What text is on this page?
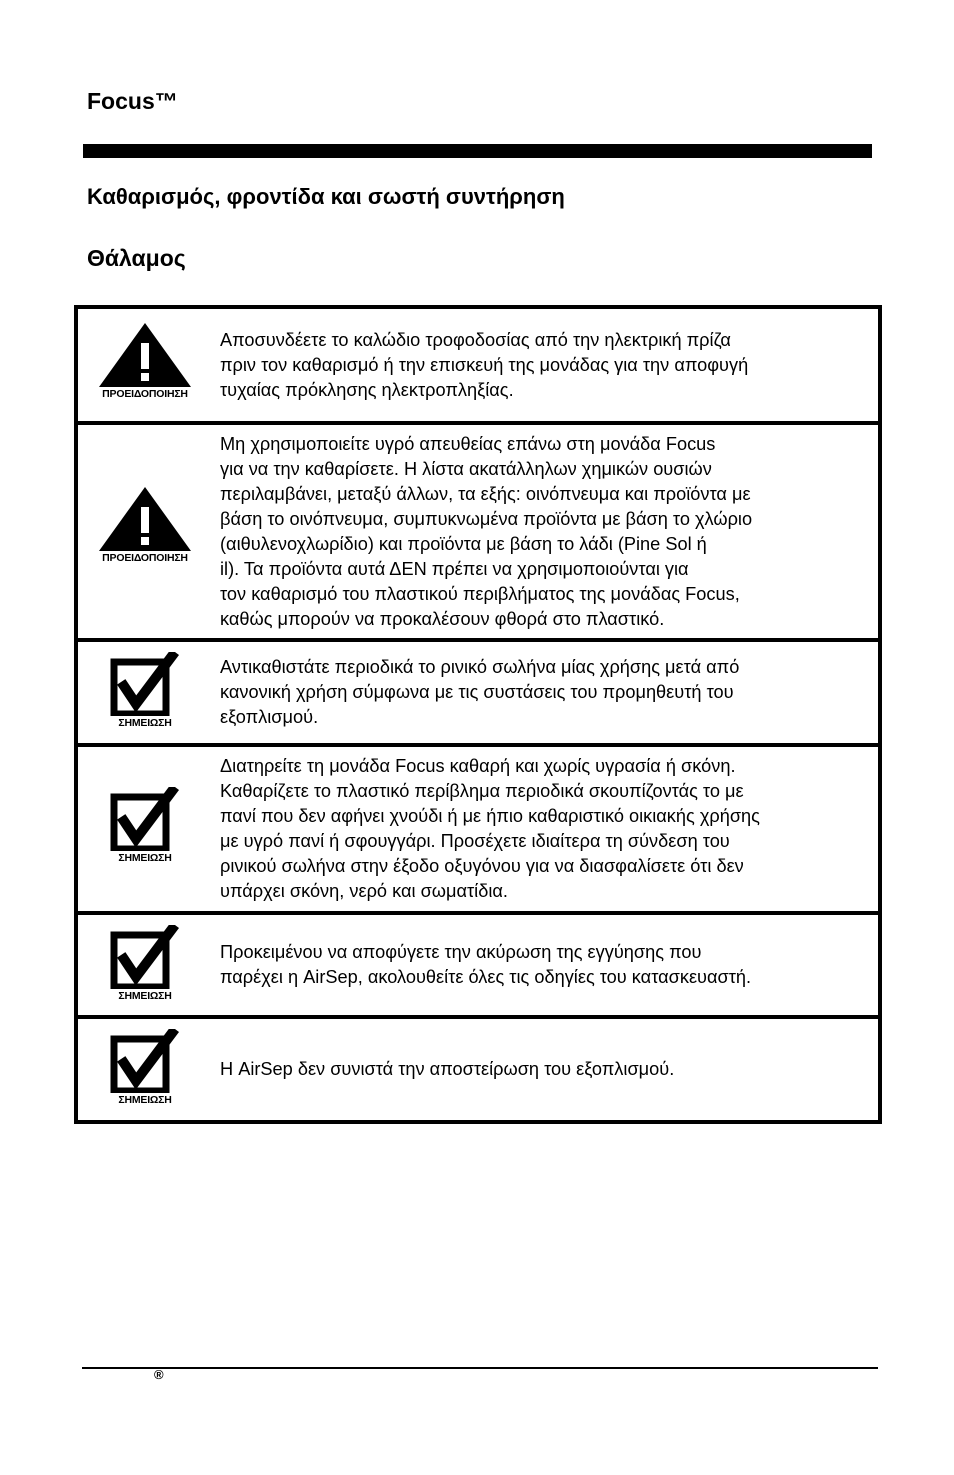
Focus™
Καθαρισμός, φροντίδα και σωστή συντήρηση
Θάλαμος
ΠΡΟΕΙΔΟΠΟΙΗΣΗ

Αποσυνδέετε το καλώδιο τροφοδοσίας από την ηλεκτρική πρίζα
πριν τον καθαρισμό ή την επισκευή της μονάδας για την αποφυγή
τυχαίας πρόκλησης ηλεκτροπληξίας.

ΠΡΟΕΙΔΟΠΟΙΗΣΗ

Μη χρησιμοποιείτε υγρό απευθείας επάνω στη μονάδα Focus
για να την καθαρίσετε. Η λίστα ακατάλληλων χημικών ουσιών
περιλαμβάνει, μεταξύ άλλων, τα εξής: οινόπνευμα και προϊόντα με
βάση το οινόπνευμα, συμπυκνωμένα προϊόντα με βάση το χλώριο
(αιθυλενοχλωρίδιο) και προϊόντα με βάση το λάδι (Pine Sol ή
il). Τα προϊόντα αυτά ΔΕΝ πρέπει να χρησιμοποιούνται για
τον καθαρισμό του πλαστικού περιβλήματος της μονάδας Focus,
καθώς μπορούν να προκαλέσουν φθορά στο πλαστικό.

ΣΗΜΕΙΩΣΗ

Αντικαθιστάτε περιοδικά το ρινικό σωλήνα μίας χρήσης μετά από
κανονική χρήση σύμφωνα με τις συστάσεις του προμηθευτή του
εξοπλισμού.

ΣΗΜΕΙΩΣΗ

Διατηρείτε τη μονάδα Focus καθαρή και χωρίς υγρασία ή σκόνη.
Καθαρίζετε το πλαστικό περίβλημα περιοδικά σκουπίζοντάς το με
πανί που δεν αφήνει χνούδι ή με ήπιο καθαριστικό οικιακής χρήσης
με υγρό πανί ή σφουγγάρι. Προσέχετε ιδιαίτερα τη σύνδεση του
ρινικού σωλήνα στην έξοδο οξυγόνου για να διασφαλίσετε ότι δεν
υπάρχει σκόνη, νερό και σωματίδια.

ΣΗΜΕΙΩΣΗ

Προκειμένου να αποφύγετε την ακύρωση της εγγύησης που
παρέχει η AirSep, ακολουθείτε όλες τις οδηγίες του κατασκευαστή.

ΣΗΜΕΙΩΣΗ

Η AirSep δεν συνιστά την αποστείρωση του εξοπλισμού.

®
